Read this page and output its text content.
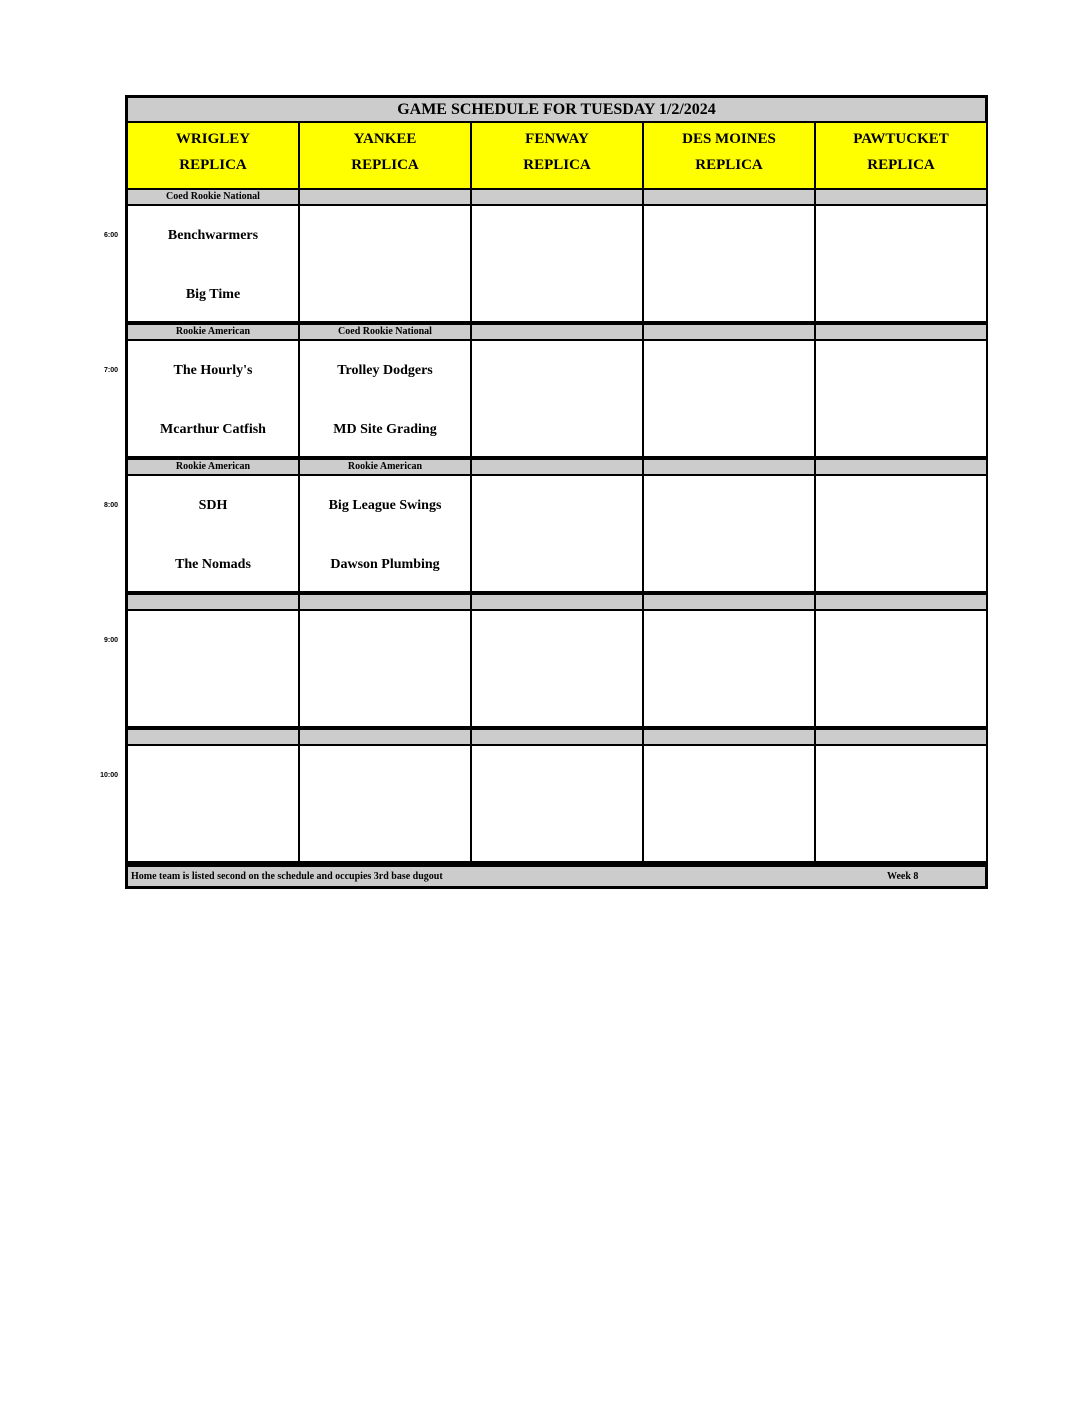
6:00
7:00
8:00
9:00
10:00
GAME SCHEDULE FOR TUESDAY 1/2/2024
WRIGLEY
REPLICA
YANKEE
REPLICA
FENWAY
REPLICA
DES MOINES
REPLICA
PAWTUCKET
REPLICA
Coed Rookie National
Benchwarmers
Big Time
Rookie American
The Hourly's
Mcarthur Catfish
Coed Rookie National
Trolley Dodgers
MD Site Grading
Rookie American
SDH
The Nomads
Rookie American
Big League Swings
Dawson Plumbing
Home team is listed second on the schedule and occupies 3rd base dugout	Week 8
